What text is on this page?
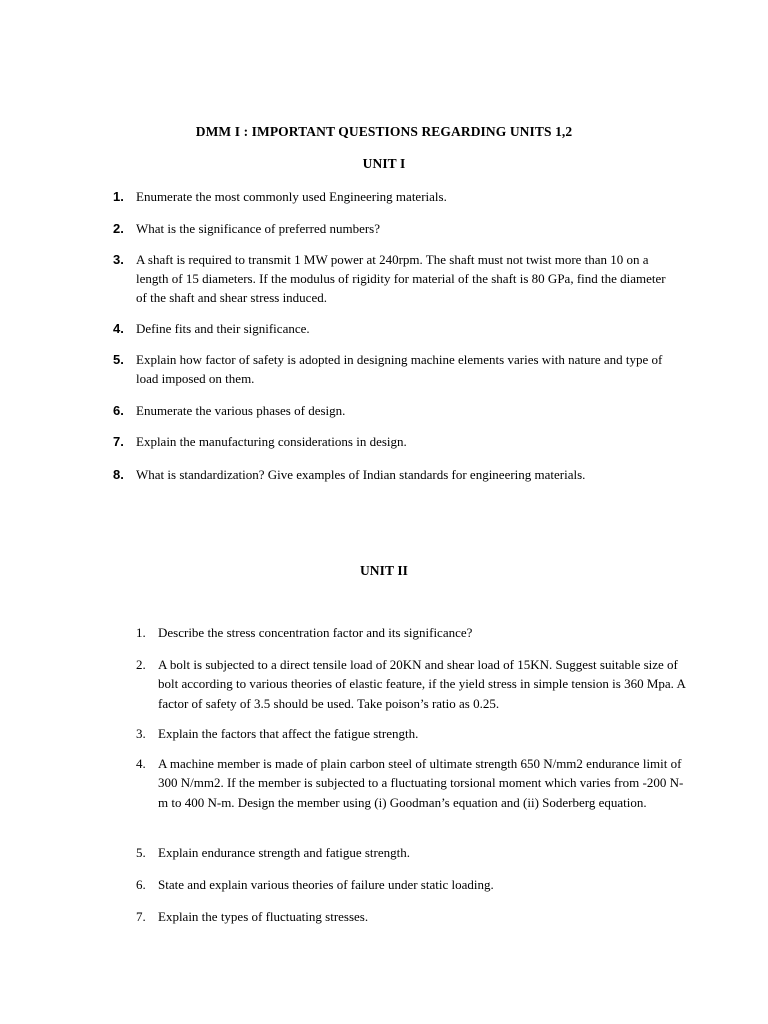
DMM I : IMPORTANT QUESTIONS REGARDING UNITS 1,2
UNIT I
1. Enumerate the most commonly used Engineering materials.
2. What is the significance of preferred numbers?
3. A shaft is required to transmit 1 MW power at 240rpm. The shaft must not twist more than 10 on a length of 15 diameters. If the modulus of rigidity for material of the shaft is 80 GPa, find the diameter of the shaft and shear stress induced.
4. Define fits and their significance.
5. Explain how factor of safety is adopted in designing machine elements varies with nature and type of load imposed on them.
6. Enumerate the various phases of design.
7. Explain the manufacturing considerations in design.
8. What is standardization? Give examples of Indian standards for engineering materials.
UNIT II
1. Describe the stress concentration factor and its significance?
2. A bolt is subjected to a direct tensile load of 20KN and shear load of 15KN. Suggest suitable size of bolt according to various theories of elastic feature, if the yield stress in simple tension is 360 Mpa. A factor of safety of 3.5 should be used. Take poison’s ratio as 0.25.
3. Explain the factors that affect the fatigue strength.
4. A machine member is made of plain carbon steel of ultimate strength 650 N/mm2 endurance limit of 300 N/mm2. If the member is subjected to a fluctuating torsional moment which varies from -200 N-m to 400 N-m. Design the member using (i) Goodman’s equation and (ii) Soderberg equation.
5. Explain endurance strength and fatigue strength.
6. State and explain various theories of failure under static loading.
7. Explain the types of fluctuating stresses.
